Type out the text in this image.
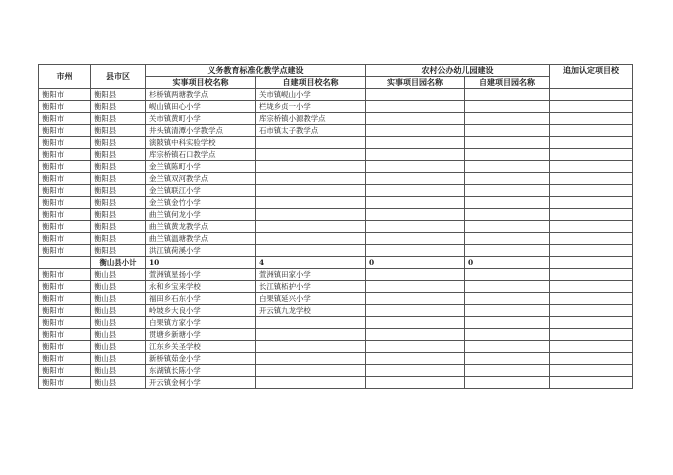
市州	县市区	义务教育标准化教学点建设		农村公办幼儿园建设		追加认定项目校
		实事项目校名称	自建项目校名称	实事项目园名称	自建项目园名称	
衡阳市	衡阳县	杉桥镇两塘教学点	关市镇岘山小学			
衡阳市	衡阳县	岘山镇田心小学	栏垅乡贞一小学			
衡阳市	衡阳县	关市镇黄町小学	库宗桥镇小源教学点			
衡阳市	衡阳县	井头镇清潭小学教学点	石市镇太子教学点			
衡阳市	衡阳县	演陂镇中科实验学校				
衡阳市	衡阳县	库宗桥镇石口教学点				
衡阳市	衡阳县	金兰镇陈町小学				
衡阳市	衡阳县	金兰镇双河教学点				
衡阳市	衡阳县	金兰镇联江小学				
衡阳市	衡阳县	金兰镇金竹小学				
衡阳市	衡阳县	曲兰镇何龙小学				
衡阳市	衡阳县	曲兰镇黄龙教学点				
衡阳市	衡阳县	曲兰镇温塘教学点				
衡阳市	衡阳县	洪江镇荷溪小学				
	衡山县小计	10	4	0	0	
衡阳市	衡山县	萱洲镇星扬小学	萱洲镇田家小学			
衡阳市	衡山县	永和乡宝来学校	长江镇柘护小学			
衡阳市	衡山县	福田乡石东小学	白果镇延兴小学			
衡阳市	衡山县	岭坡乡大良小学	开云镇九龙学校			
衡阳市	衡山县	白果镇方家小学				
衡阳市	衡山县	贯塘乡新塘小学				
衡阳市	衡山县	江东乡关圣学校				
衡阳市	衡山县	新桥镇茹金小学				
衡阳市	衡山县	东湖镇长陈小学				
衡阳市	衡山县	开云镇金柯小学				
